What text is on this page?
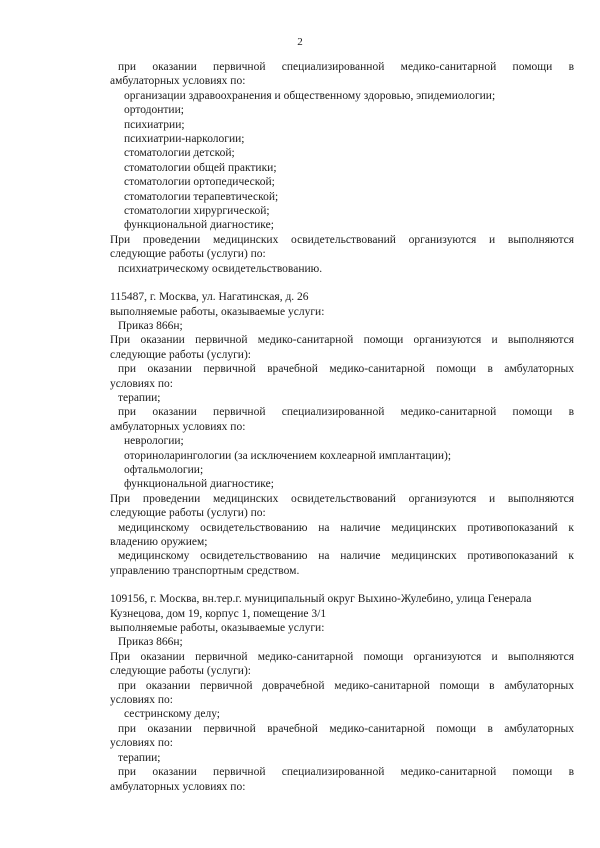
2
при оказании первичной специализированной медико-санитарной помощи в
амбулаторных условиях по:
организации здравоохранения и общественному здоровью, эпидемиологии;
ортодонтии;
психиатрии;
психиатрии-наркологии;
стоматологии детской;
стоматологии общей практики;
стоматологии ортопедической;
стоматологии терапевтической;
стоматологии хирургической;
функциональной диагностике;
При проведении медицинских освидетельствований организуются и выполняются
следующие работы (услуги) по:
психиатрическому освидетельствованию.
115487, г. Москва, ул. Нагатинская, д. 26
выполняемые работы, оказываемые услуги:
Приказ 866н;
При оказании первичной медико-санитарной помощи организуются и выполняются
следующие работы (услуги):
при оказании первичной врачебной медико-санитарной помощи в амбулаторных
условиях по:
терапии;
при оказании первичной специализированной медико-санитарной помощи в
амбулаторных условиях по:
неврологии;
оториноларингологии (за исключением кохлеарной имплантации);
офтальмологии;
функциональной диагностике;
При проведении медицинских освидетельствований организуются и выполняются
следующие работы (услуги) по:
медицинскому освидетельствованию на наличие медицинских противопоказаний к
владению оружием;
медицинскому освидетельствованию на наличие медицинских противопоказаний к
управлению транспортным средством.
109156, г. Москва, вн.тер.г. муниципальный округ Выхино-Жулебино, улица Генерала
Кузнецова, дом 19, корпус 1, помещение 3/1
выполняемые работы, оказываемые услуги:
Приказ 866н;
При оказании первичной медико-санитарной помощи организуются и выполняются
следующие работы (услуги):
при оказании первичной доврачебной медико-санитарной помощи в амбулаторных
условиях по:
сестринскому делу;
при оказании первичной врачебной медико-санитарной помощи в амбулаторных
условиях по:
терапии;
при оказании первичной специализированной медико-санитарной помощи в
амбулаторных условиях по:
